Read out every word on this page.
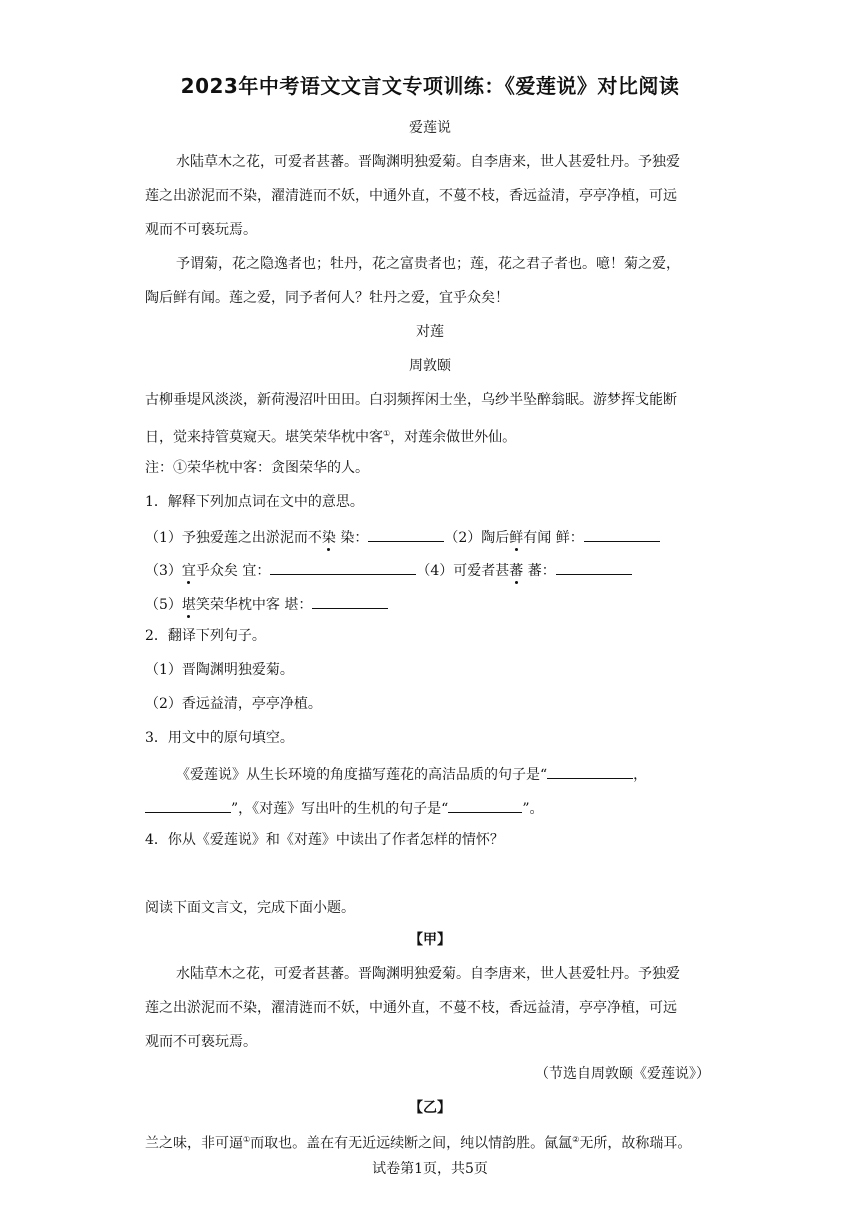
2023年中考语文文言文专项训练：《爱莲说》对比阅读
爱莲说
水陆草木之花，可爱者甚蕃。晋陶渊明独爱菊。自李唐来，世人甚爱牡丹。予独爱
莲之出淤泥而不染，濯清涟而不妖，中通外直，不蔓不枝，香远益清，亭亭净植，可远
观而不可亵玩焉。
予谓菊，花之隐逸者也；牡丹，花之富贵者也；莲，花之君子者也。噫！菊之爱，
陶后鲜有闻。莲之爱，同予者何人？牡丹之爱，宜乎众矣！
对莲
周敦颐
古柳垂堤风淡淡，新荷漫沼叶田田。白羽频挥闲士坐，乌纱半坠醉翁眠。游梦挥戈能断
日，觉来持管莫窥天。堪笑荣华枕中客①，对莲余做世外仙。
注：①荣华枕中客：贪图荣华的人。
1．解释下列加点词在文中的意思。
（1）予独爱莲之出淤泥而不染 染：	（2）陶后鲜有闻 鲜：
（3）宜乎众矣 宜：	（4）可爱者甚蕃 蕃：
（5）堪笑荣华枕中客 堪：
2．翻译下列句子。
（1）晋陶渊明独爱菊。
（2）香远益清，亭亭净植。
3．用文中的原句填空。
《爱莲说》从生长环境的角度描写莲花的高洁品质的句子是“	，
”，《对莲》写出叶的生机的句子是“	”。
4．你从《爱莲说》和《对莲》中读出了作者怎样的情怀？
阅读下面文言文，完成下面小题。
【甲】
水陆草木之花，可爱者甚蕃。晋陶渊明独爱菊。自李唐来，世人甚爱牡丹。予独爱
莲之出淤泥而不染，濯清涟而不妖，中通外直，不蔓不枝，香远益清，亭亭净植，可远
观而不可亵玩焉。
（节选自周敦颐《爱莲说》）
【乙】
兰之味，非可逼①而取也。盖在有无近远续断之间，纯以情韵胜。氤氲②无所，故称瑞耳。
试卷第1页，共5页
